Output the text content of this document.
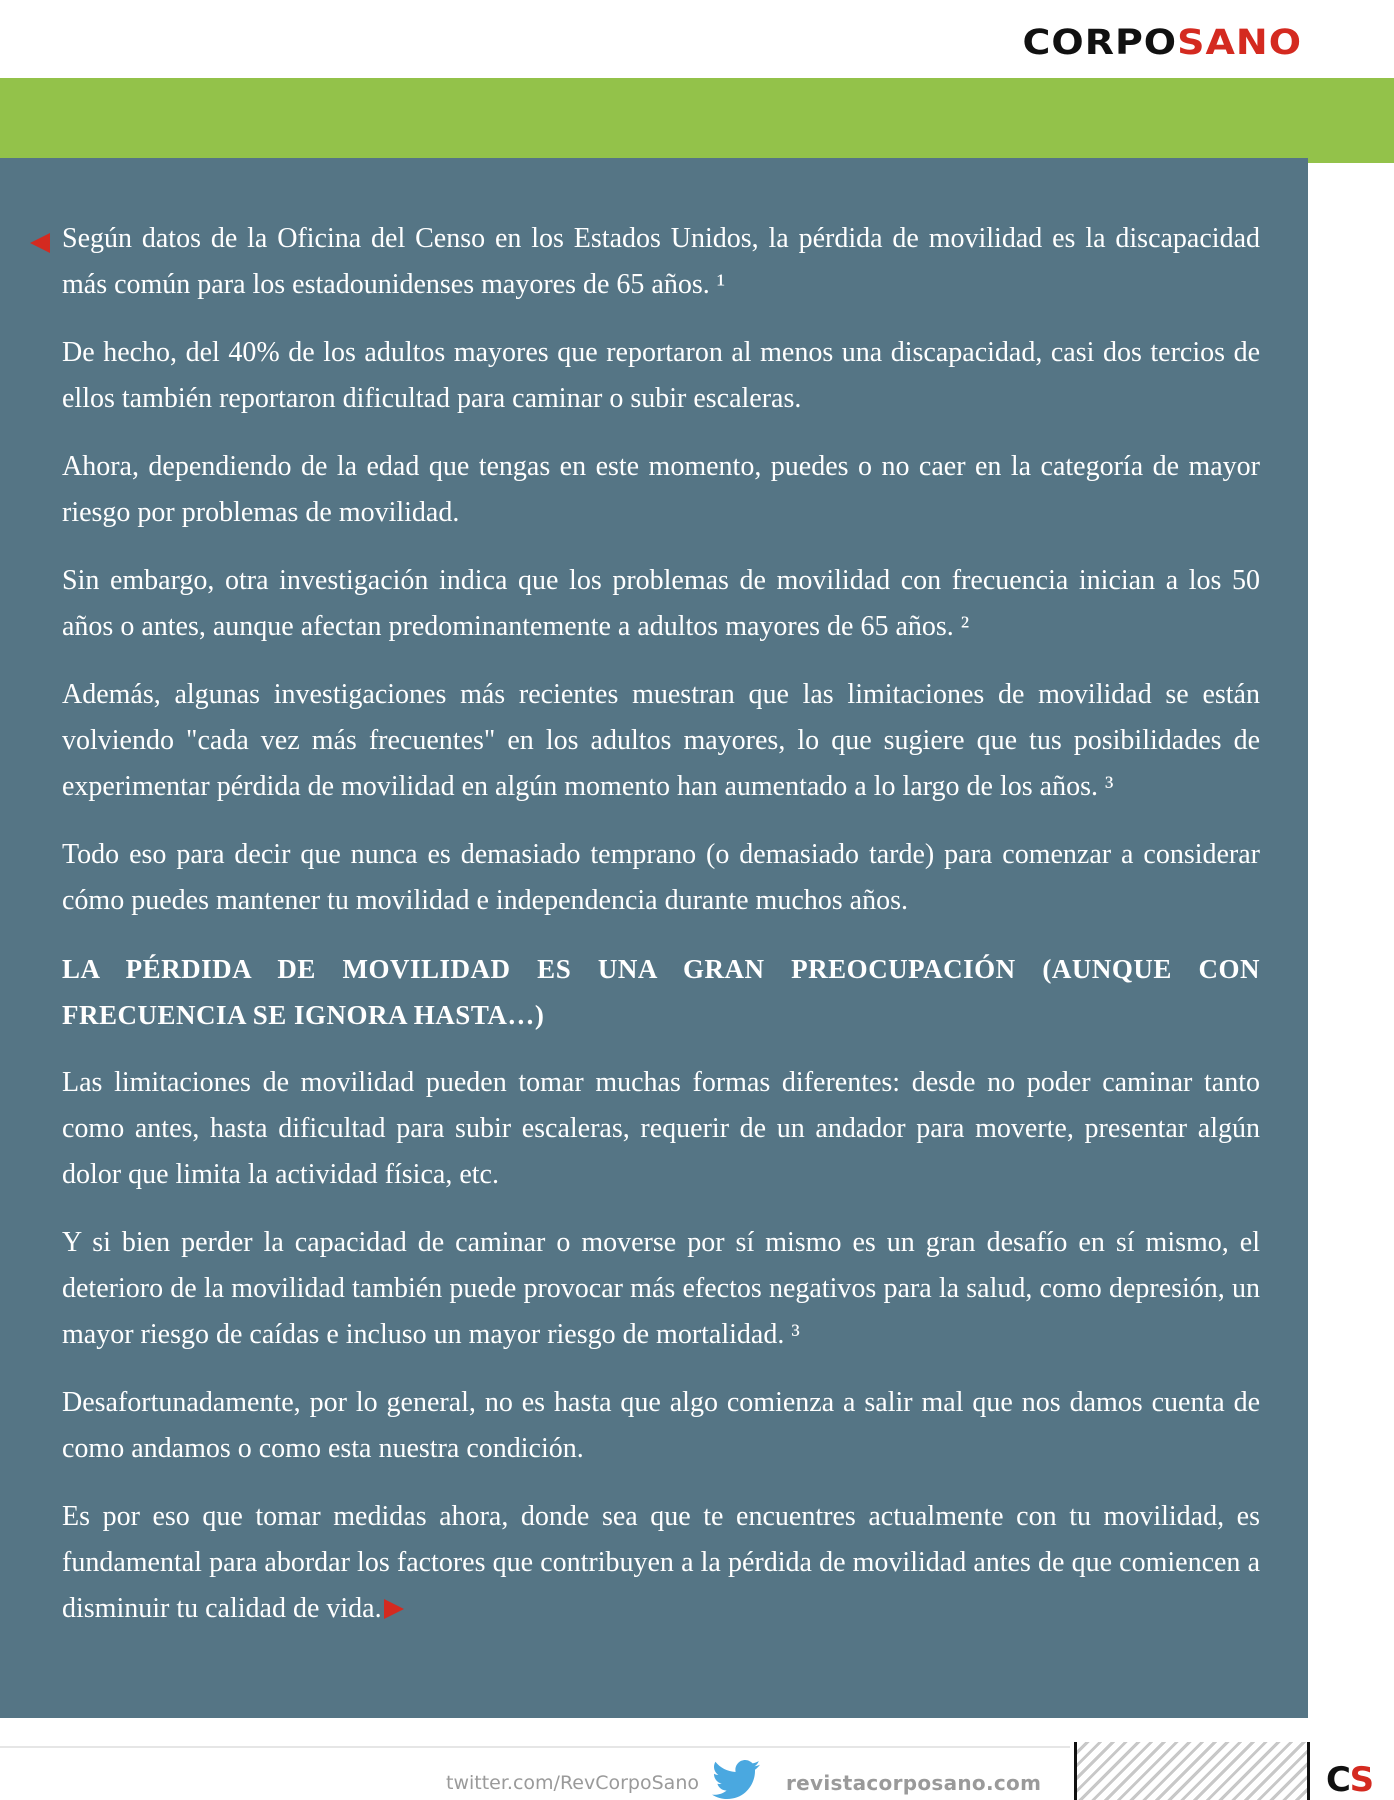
CORPOSANO

Según datos de la Oficina del Censo en los Estados Unidos, la pérdida de movilidad es la discapacidad más común para los estadounidenses mayores de 65 años. ¹

De hecho, del 40% de los adultos mayores que reportaron al menos una discapacidad, casi dos tercios de ellos también reportaron dificultad para caminar o subir escaleras.

Ahora, dependiendo de la edad que tengas en este momento, puedes o no caer en la categoría de mayor riesgo por problemas de movilidad.

Sin embargo, otra investigación indica que los problemas de movilidad con frecuencia inician a los 50 años o antes, aunque afectan predominantemente a adultos mayores de 65 años. ²

Además, algunas investigaciones más recientes muestran que las limitaciones de movilidad se están volviendo "cada vez más frecuentes" en los adultos mayores, lo que sugiere que tus posibilidades de experimentar pérdida de movilidad en algún momento han aumentado a lo largo de los años. ³

Todo eso para decir que nunca es demasiado temprano (o demasiado tarde) para comenzar a considerar cómo puedes mantener tu movilidad e independencia durante muchos años.

LA PÉRDIDA DE MOVILIDAD ES UNA GRAN PREOCUPACIÓN (AUNQUE CON FRECUENCIA SE IGNORA HASTA…)

Las limitaciones de movilidad pueden tomar muchas formas diferentes: desde no poder caminar tanto como antes, hasta dificultad para subir escaleras, requerir de un andador para moverte, presentar algún dolor que limita la actividad física, etc.

Y si bien perder la capacidad de caminar o moverse por sí mismo es un gran desafío en sí mismo, el deterioro de la movilidad también puede provocar más efectos negativos para la salud, como depresión, un mayor riesgo de caídas e incluso un mayor riesgo de mortalidad. ³

Desafortunadamente, por lo general, no es hasta que algo comienza a salir mal que nos damos cuenta de como andamos o como esta nuestra condición.

Es por eso que tomar medidas ahora, donde sea que te encuentres actualmente con tu movilidad, es fundamental para abordar los factores que contribuyen a la pérdida de movilidad antes de que comiencen a disminuir tu calidad de vida.

twitter.com/RevCorpoSano	revistacorposano.com	CS
